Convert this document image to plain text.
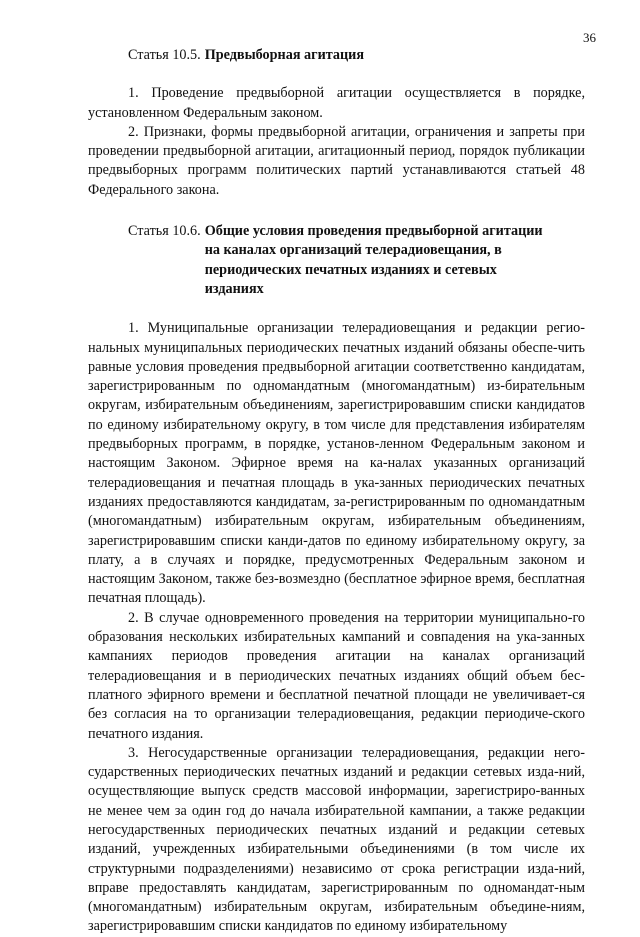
36
Статья 10.5. Предвыборная агитация

1. Проведение предвыборной агитации осуществляется в порядке, установленном Федеральным законом.

2. Признаки, формы предвыборной агитации, ограничения и запреты при проведении предвыборной агитации, агитационный период, порядок публикации предвыборных программ политических партий устанавливаются статьей 48 Федерального закона.

Статья 10.6. Общие условия проведения предвыборной агитации на каналах организаций телерадиовещания, в периодических печатных изданиях и сетевых изданиях

1. Муниципальные организации телерадиовещания и редакции регио-нальных муниципальных периодических печатных изданий обязаны обеспе-чить равные условия проведения предвыборной агитации соответственно кандидатам, зарегистрированным по одномандатным (многомандатным) из-бирательным округам, избирательным объединениям, зарегистрировавшим списки кандидатов по единому избирательному округу, в том числе для представления избирателям предвыборных программ, в порядке, установ-ленном Федеральным законом и настоящим Законом. Эфирное время на ка-налах указанных организаций телерадиовещания и печатная площадь в ука-занных периодических печатных изданиях предоставляются кандидатам, за-регистрированным по одномандатным (многомандатным) избирательным округам, избирательным объединениям, зарегистрировавшим списки канди-датов по единому избирательному округу, за плату, а в случаях и порядке, предусмотренных Федеральным законом и настоящим Законом, также без-возмездно (бесплатное эфирное время, бесплатная печатная площадь).

2. В случае одновременного проведения на территории муниципально-го образования нескольких избирательных кампаний и совпадения на ука-занных кампаниях периодов проведения агитации на каналах организаций телерадиовещания и в периодических печатных изданиях общий объем бес-платного эфирного времени и бесплатной печатной площади не увеличивает-ся без согласия на то организации телерадиовещания, редакции периодиче-ского печатного издания.

3. Негосударственные организации телерадиовещания, редакции него-сударственных периодических печатных изданий и редакции сетевых изда-ний, осуществляющие выпуск средств массовой информации, зарегистриро-ванных не менее чем за один год до начала избирательной кампании, а также редакции негосударственных периодических печатных изданий и редакции сетевых изданий, учрежденных избирательными объединениями (в том числе их структурными подразделениями) независимо от срока регистрации изда-ний, вправе предоставлять кандидатам, зарегистрированным по одномандат-ным (многомандатным) избирательным округам, избирательным объедине-ниям, зарегистрировавшим списки кандидатов по единому избирательному
